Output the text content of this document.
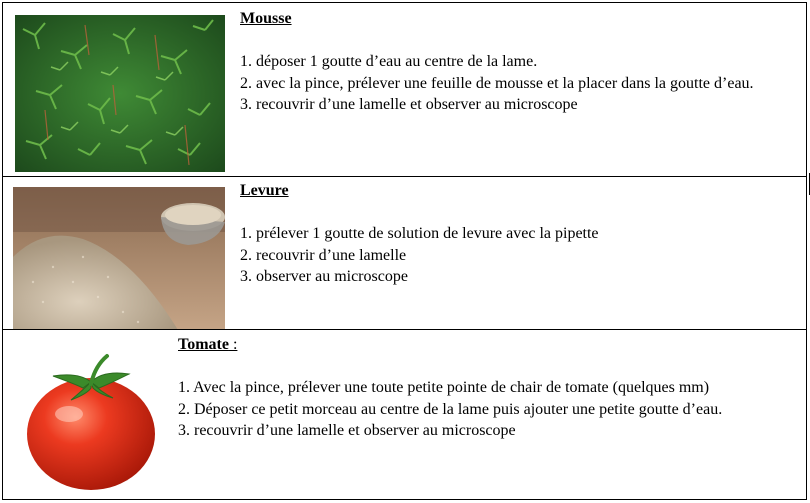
Mousse
1. déposer 1 goutte d’eau au centre de la lame.
2. avec la pince, prélever une feuille de mousse et la placer dans la goutte d’eau.
3. recouvrir d’une lamelle et observer au microscope
Levure
1. prélever 1 goutte de solution de levure avec la pipette
2. recouvrir d’une lamelle
3. observer au microscope
Tomate :
1. Avec la pince, prélever une toute petite pointe de chair de tomate (quelques mm)
2. Déposer ce petit morceau au centre de la lame puis ajouter une petite goutte d’eau.
3. recouvrir d’une lamelle et observer au microscope
